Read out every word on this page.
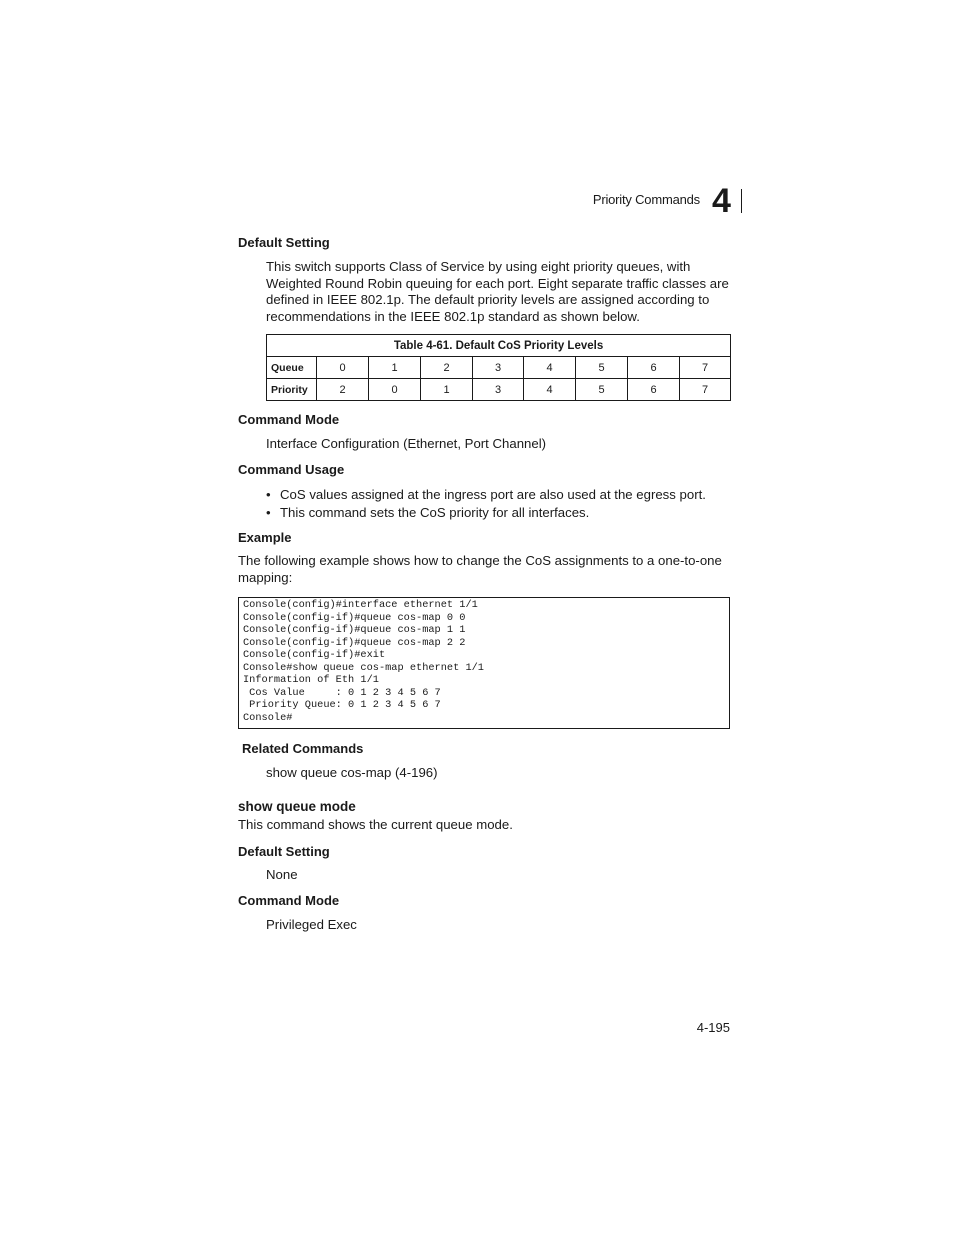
Priority Commands 4
Default Setting

This switch supports Class of Service by using eight priority queues, with Weighted Round Robin queuing for each port. Eight separate traffic classes are defined in IEEE 802.1p. The default priority levels are assigned according to recommendations in the IEEE 802.1p standard as shown below.

Table 4-61. Default CoS Priority Levels								
Queue	0	1	2	3	4	5	6	7
Priority	2	0	1	3	4	5	6	7
Command Mode

Interface Configuration (Ethernet, Port Channel)

Command Usage
• CoS values assigned at the ingress port are also used at the egress port.
• This command sets the CoS priority for all interfaces.
Example

The following example shows how to change the CoS assignments to a one-to-one mapping:

Console(config)#interface ethernet 1/1
Console(config-if)#queue cos-map 0 0
Console(config-if)#queue cos-map 1 1
Console(config-if)#queue cos-map 2 2
Console(config-if)#exit
Console#show queue cos-map ethernet 1/1
Information of Eth 1/1
Cos Value     : 0 1 2 3 4 5 6 7
Priority Queue: 0 1 2 3 4 5 6 7
Console#
Related Commands

show queue cos-map (4-196)

show queue mode

This command shows the current queue mode.

Default Setting

None

Command Mode

Privileged Exec

4-195
